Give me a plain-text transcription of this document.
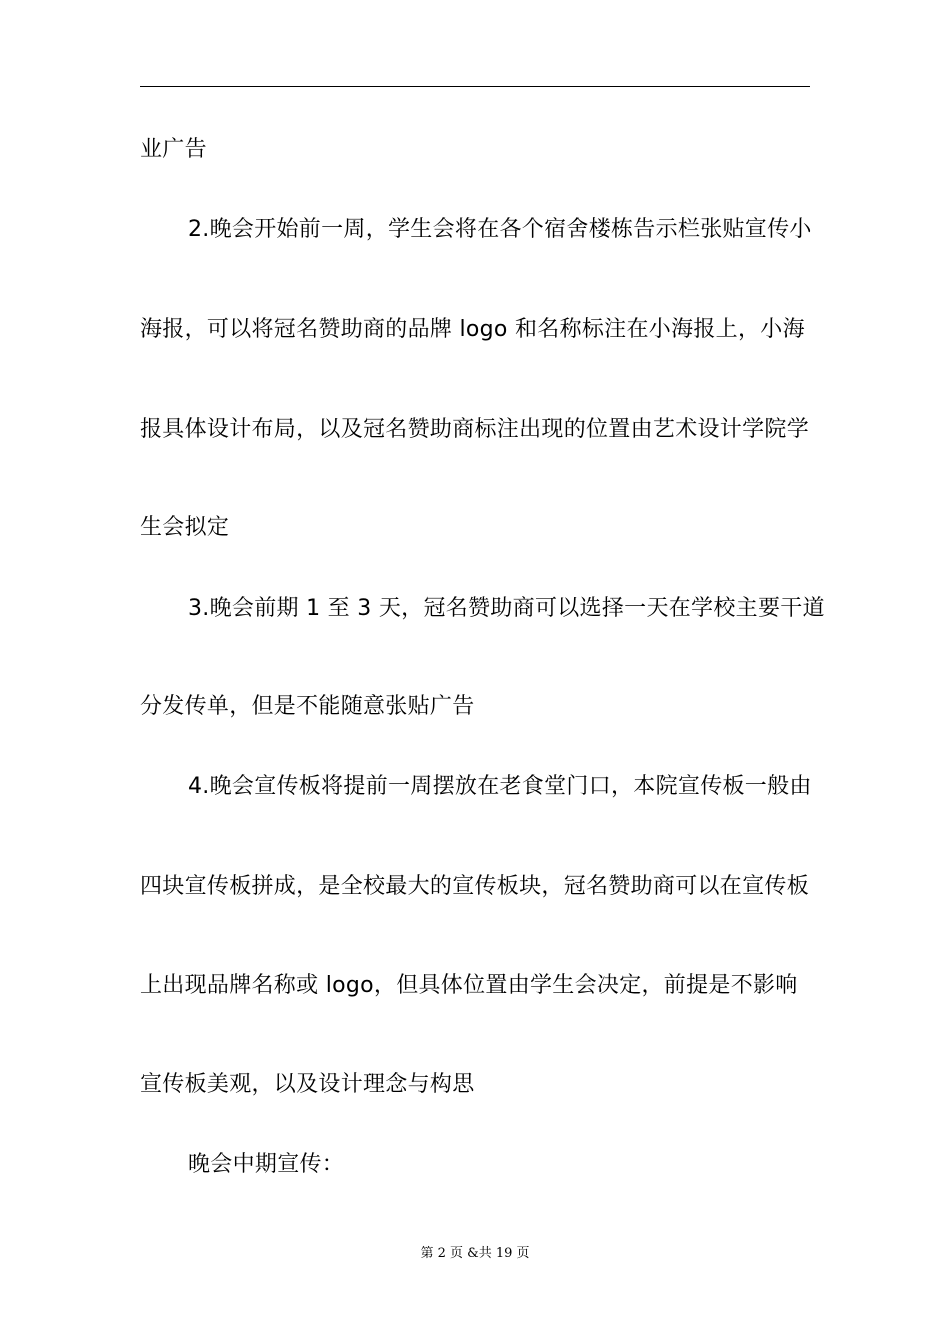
业广告
2.晚会开始前一周，学生会将在各个宿舍楼栋告示栏张贴宣传小
海报，可以将冠名赞助商的品牌 logo 和名称标注在小海报上，小海
报具体设计布局，以及冠名赞助商标注出现的位置由艺术设计学院学
生会拟定
3.晚会前期 1 至 3 天，冠名赞助商可以选择一天在学校主要干道
分发传单，但是不能随意张贴广告
4.晚会宣传板将提前一周摆放在老食堂门口，本院宣传板一般由
四块宣传板拼成，是全校最大的宣传板块，冠名赞助商可以在宣传板
上出现品牌名称或 logo，但具体位置由学生会决定，前提是不影响
宣传板美观，以及设计理念与构思
晚会中期宣传：
第 2 页 &共 19 页
